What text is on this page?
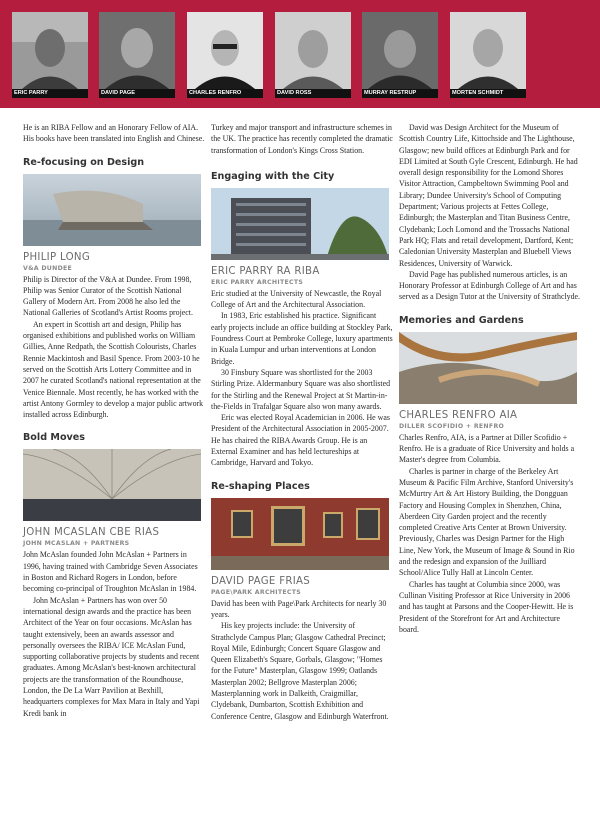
ERIC PARRY	DAVID PAGE	CHARLES RENFRO	DAVID ROSS	MURRAY RESTRUP	MORTEN SCHMIDT

He is an RIBA Fellow and an Honorary Fellow of AIA. His books have been translated into English and Chinese.

Re-focusing on Design

PHILIP LONG

V&A DUNDEE

Philip is Director of the V&A at Dundee. From 1998, Philip was Senior Curator of the Scottish National Gallery of Modern Art. From 2008 he also led the National Galleries of Scotland's Artist Rooms project.

An expert in Scottish art and design, Philip has organised exhibitions and published works on William Gillies, Anne Redpath, the Scottish Colourists, Charles Rennie Mackintosh and Basil Spence. From 2003-10 he served on the Scottish Arts Lottery Committee and in 2007 he curated Scotland's national representation at the Venice Biennale. Most recently, he has worked with the artist Antony Gormley to develop a major public artwork installed across Edinburgh.

Bold Moves

JOHN MCASLAN CBE RIAS

JOHN MCASLAN + PARTNERS

John McAslan founded John McAslan + Partners in 1996, having trained with Cambridge Seven Associates in Boston and Richard Rogers in London, before becoming co-principal of Troughton McAslan in 1984.

John McAslan + Partners has won over 50 international design awards and the practice has been Architect of the Year on four occasions. McAslan has taught extensively, been an awards assessor and personally oversees the RIBA/ ICE McAslan Fund, supporting collaborative projects by students and recent graduates. Among McAslan's best-known architectural projects are the transformation of the Roundhouse, London, the De La Warr Pavilion at Bexhill, headquarters complexes for Max Mara in Italy and Yapi Kredi bank in

Turkey and major transport and infrastructure schemes in the UK. The practice has recently completed the dramatic transformation of London's Kings Cross Station.

Engaging with the City

ERIC PARRY RA RIBA

ERIC PARRY ARCHITECTS

Eric studied at the University of Newcastle, the Royal College of Art and the Architectural Association.

In 1983, Eric established his practice. Significant early projects include an office building at Stockley Park, Foundress Court at Pembroke College, luxury apartments in Kuala Lumpur and urban interventions at London Bridge.

30 Finsbury Square was shortlisted for the 2003 Stirling Prize. Aldermanbury Square was also shortlisted for the Stirling and the Renewal Project at St Martin-in-the-Fields in Trafalgar Square also won many awards.

Eric was elected Royal Academician in 2006. He was President of the Architectural Association in 2005-2007. He has chaired the RIBA Awards Group. He is an External Examiner and has held lectureships at Cambridge, Harvard and Tokyo.

Re-shaping Places

DAVID PAGE FRIAS

PAGE\PARK ARCHITECTS

David has been with Page\Park Architects for nearly 30 years.

His key projects include: the University of Strathclyde Campus Plan; Glasgow Cathedral Precinct; Royal Mile, Edinburgh; Concert Square Glasgow and Queen Elizabeth's Square, Gorbals, Glasgow; "Homes for the Future" Masterplan, Glasgow 1999; Oatlands Masterplan 2002; Bellgrove Masterplan 2006; Masterplanning work in Dalkeith, Craigmillar, Clydebank, Dumbarton, Scottish Exhibition and Conference Centre, Glasgow and Edinburgh Waterfront.

David was Design Architect for the Museum of Scottish Country Life, Kittochside and The Lighthouse, Glasgow; new build offices at Edinburgh Park and for EDI Limited at South Gyle Crescent, Edinburgh. He had overall design responsibility for the Lomond Shores Visitor Attraction, Campbeltown Swimming Pool and Library; Dundee University's School of Computing Department; Various projects at Fettes College, Edinburgh; the Masterplan and Titan Business Centre, Clydebank; Loch Lomond and the Trossachs National Park HQ; Flats and retail development, Dartford, Kent; Caledonian University Masterplan and Bluebell Views Residences, University of Warwick.

David Page has published numerous articles, is an Honorary Professor at Edinburgh College of Art and has served as a Design Tutor at the University of Strathclyde.

Memories and Gardens

CHARLES RENFRO AIA

DILLER SCOFIDIO + RENFRO

Charles Renfro, AIA, is a Partner at Diller Scofidio + Renfro. He is a graduate of Rice University and holds a Master's degree from Columbia.

Charles is partner in charge of the Berkeley Art Museum & Pacific Film Archive, Stanford University's McMurtry Art & Art History Building, the Dongguan Factory and Housing Complex in Shenzhen, China, Aberdeen City Garden project and the recently completed Creative Arts Center at Brown University. Previously, Charles was Design Partner for the High Line, New York, the Museum of Image & Sound in Rio and the redesign and expansion of the Juilliard School/Alice Tully Hall at Lincoln Center.

Charles has taught at Columbia since 2000, was Cullinan Visiting Professor at Rice University in 2006 and has taught at Parsons and the Cooper-Hewitt. He is President of the Storefront for Art and Architecture board.
